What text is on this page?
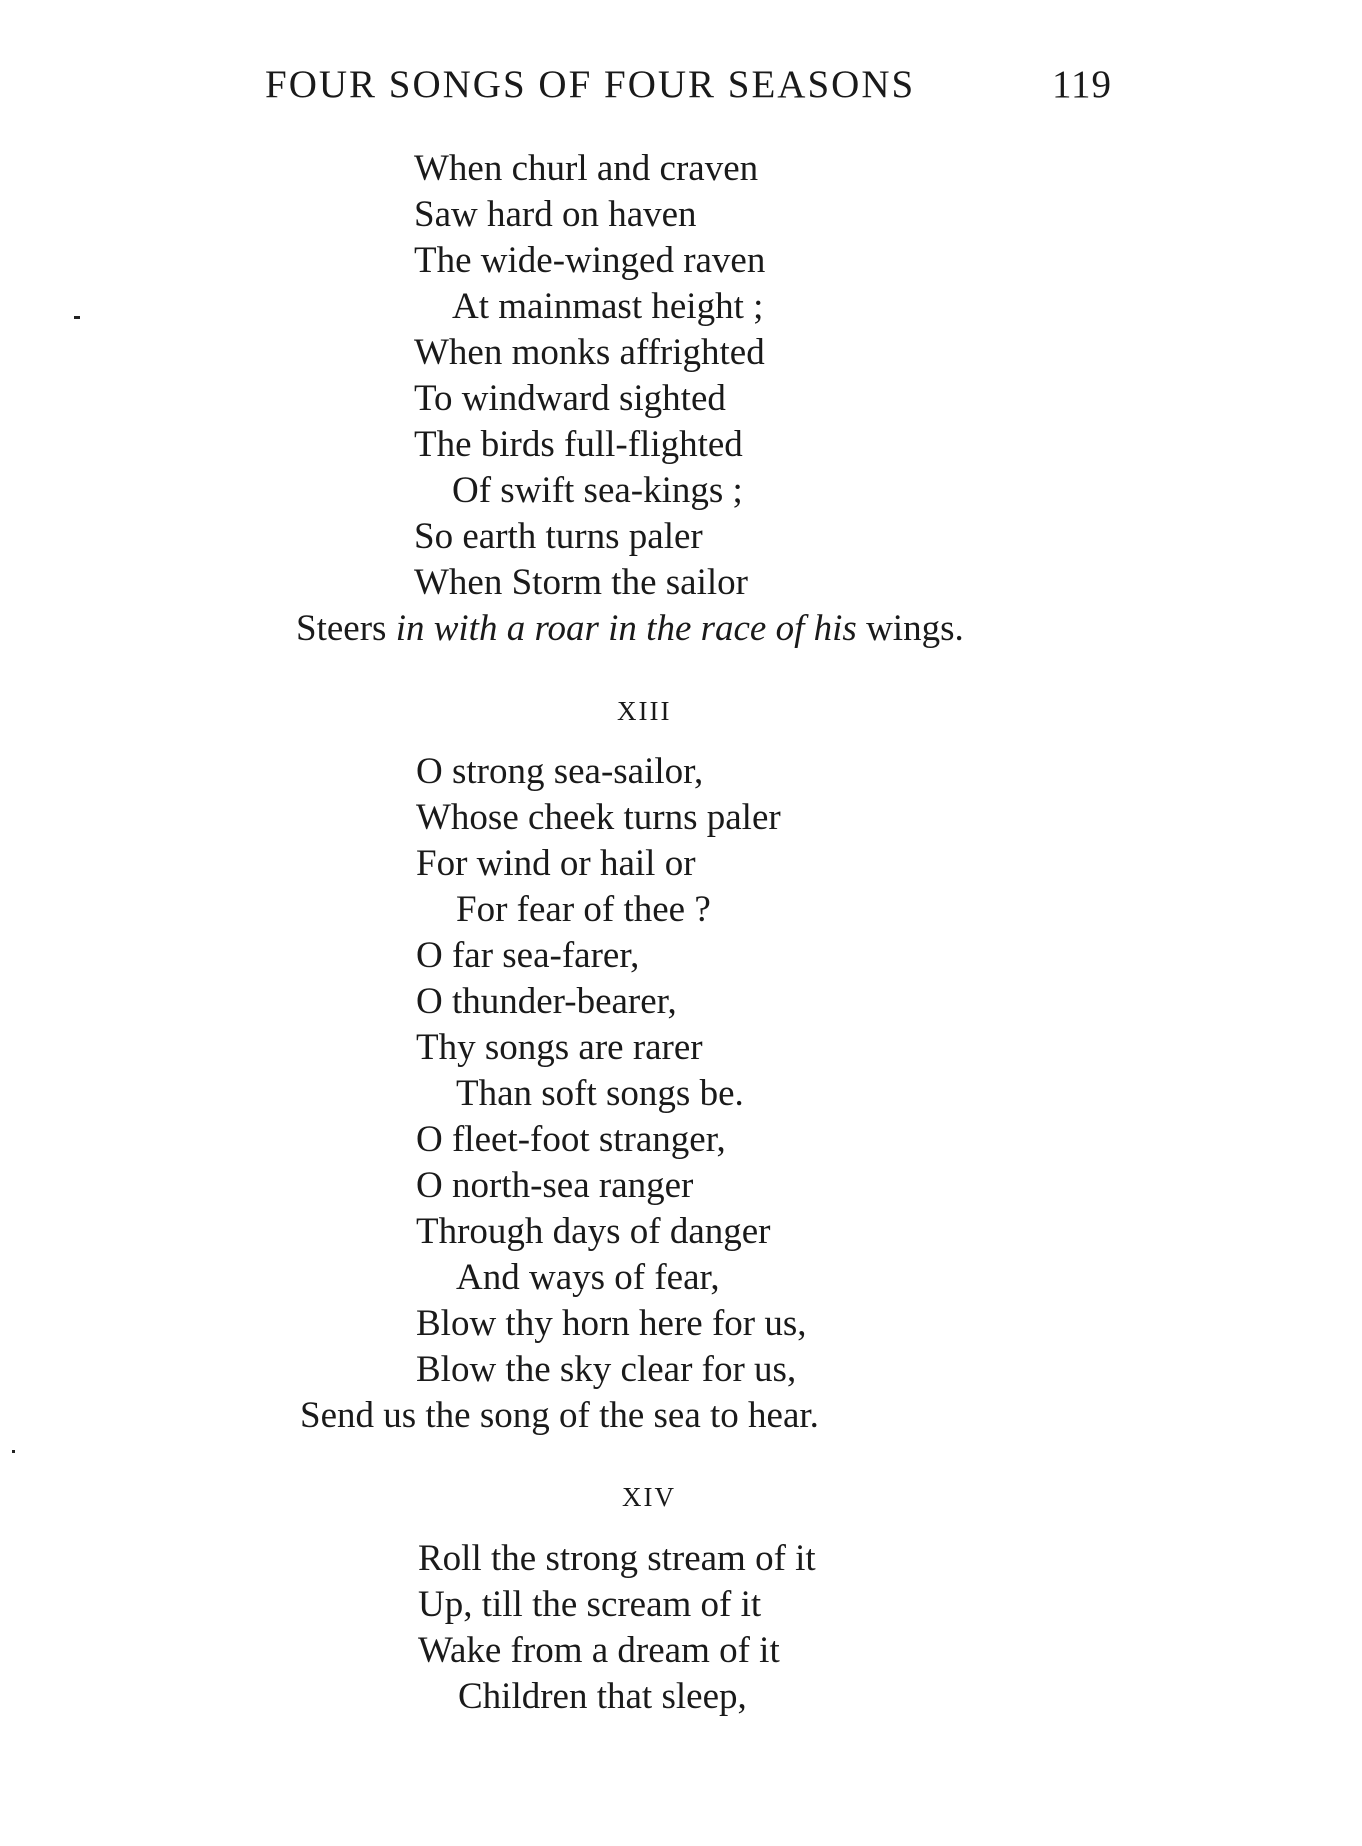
FOUR SONGS OF FOUR SEASONS	119
When churl and craven
Saw hard on haven
The wide-winged raven
At mainmast height ;
When monks affrighted
To windward sighted
The birds full-flighted
Of swift sea-kings ;
So earth turns paler
When Storm the sailor
Steers in with a roar in the race of his wings.
XIII
O strong sea-sailor,
Whose cheek turns paler
For wind or hail or
For fear of thee ?
O far sea-farer,
O thunder-bearer,
Thy songs are rarer
Than soft songs be.
O fleet-foot stranger,
O north-sea ranger
Through days of danger
And ways of fear,
Blow thy horn here for us,
Blow the sky clear for us,
Send us the song of the sea to hear.
XIV
Roll the strong stream of it
Up, till the scream of it
Wake from a dream of it
Children that sleep,
